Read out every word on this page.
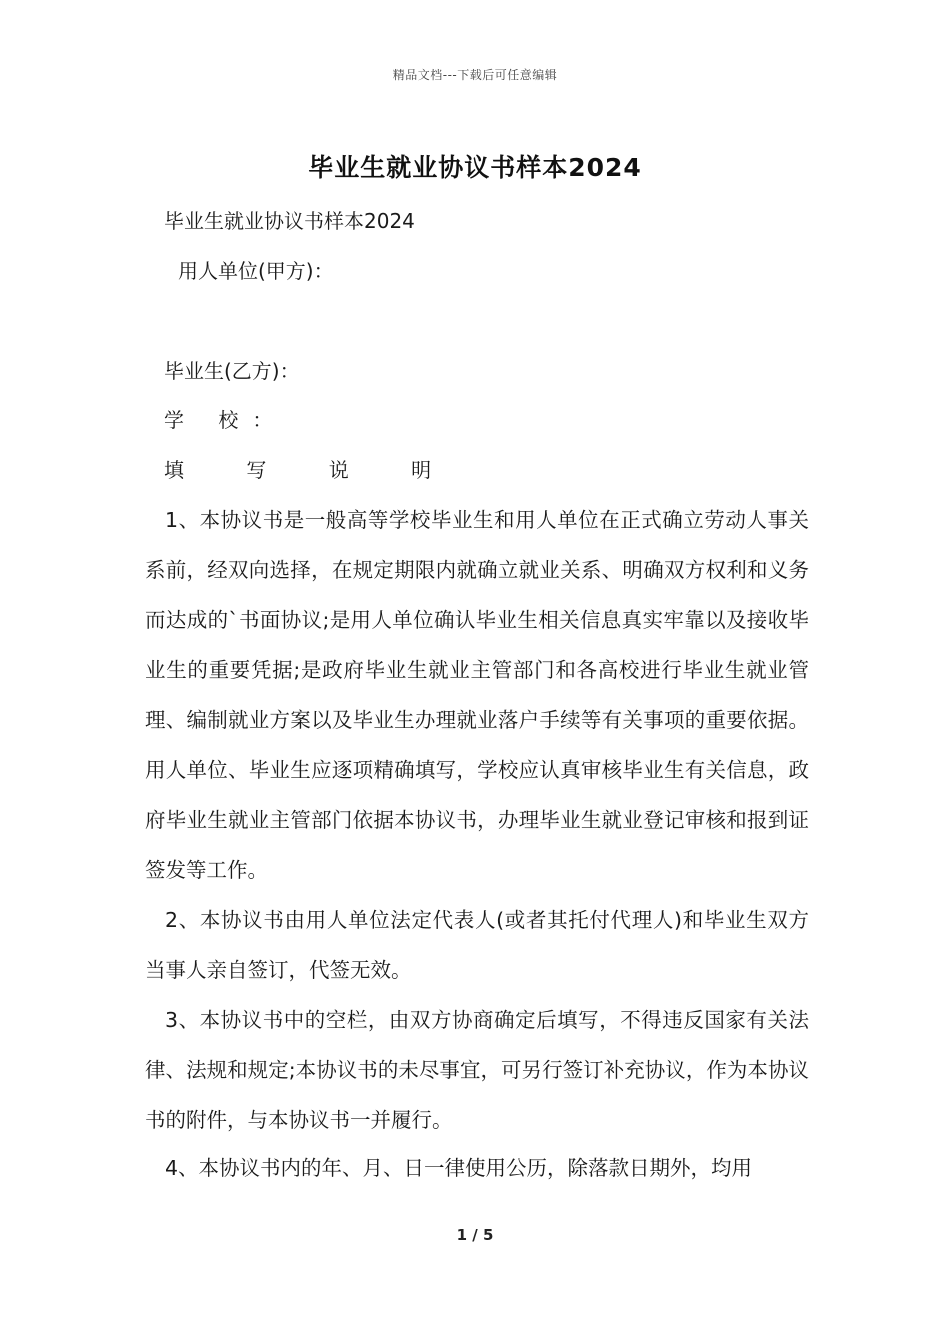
精品文档---下载后可任意编辑
毕业生就业协议书样本2024
毕业生就业协议书样本2024
用人单位(甲方)：
毕业生(乙方)：
学 校：
填 写 说 明
1、本协议书是一般高等学校毕业生和用人单位在正式确立劳动人事关系前，经双向选择，在规定期限内就确立就业关系、明确双方权利和义务而达成的`书面协议;是用人单位确认毕业生相关信息真实牢靠以及接收毕业生的重要凭据;是政府毕业生就业主管部门和各高校进行毕业生就业管理、编制就业方案以及毕业生办理就业落户手续等有关事项的重要依据。用人单位、毕业生应逐项精确填写，学校应认真审核毕业生有关信息，政府毕业生就业主管部门依据本协议书，办理毕业生就业登记审核和报到证签发等工作。
2、本协议书由用人单位法定代表人(或者其托付代理人)和毕业生双方当事人亲自签订，代签无效。
3、本协议书中的空栏，由双方协商确定后填写，不得违反国家有关法律、法规和规定;本协议书的未尽事宜，可另行签订补充协议，作为本协议书的附件，与本协议书一并履行。
4、本协议书内的年、月、日一律使用公历，除落款日期外，均用
1 / 5
